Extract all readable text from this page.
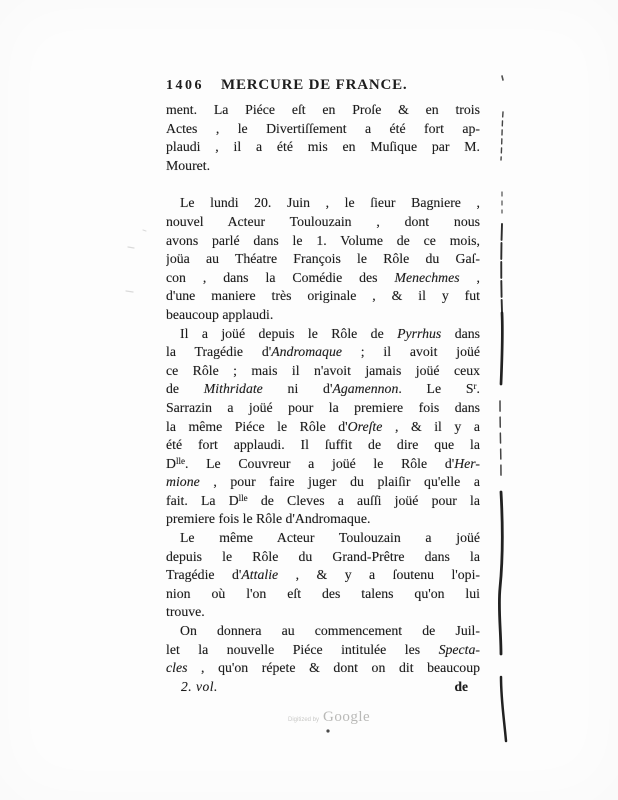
1406 MERCURE DE FRANCE.
ment. La Piéce eſt en Proſe & en trois
Actes , le Divertiſſement a été fort ap-
plaudi , il a été mis en Muſique par M.
Mouret.
Le lundi 20. Juin , le ſieur Bagniere ,
nouvel Acteur Toulouzain , dont nous
avons parlé dans le 1. Volume de ce mois,
joüa au Théatre François le Rôle du Gaſ-
con , dans la Comédie des Menechmes ,
d'une maniere très originale , & il y fut
beaucoup applaudi.
Il a joüé depuis le Rôle de Pyrrhus dans
la Tragédie d'Andromaque ; il avoit joüé
ce Rôle ; mais il n'avoit jamais joüé ceux
de Mithridate ni d'Agamennon. Le $S^r$.
Sarrazin a joüé pour la premiere fois dans
la même Piéce le Rôle d'Oreſte , & il y a
été fort applaudi. Il ſuffit de dire que la
$D^{lle}$. Le Couvreur a joüé le Rôle d'Her-
mione , pour faire juger du plaiſir qu'elle a
fait. La $D^{lle}$ de Cleves a auſſi joüé pour la
premiere fois le Rôle d'Andromaque.
Le même Acteur Toulouzain a joüé
depuis le Rôle du Grand-Prêtre dans la
Tragédie d'Attalie , & y a ſoutenu l'opi-
nion où l'on eſt des talens qu'on lui
trouve.
On donnera au commencement de Juil-
let la nouvelle Piéce intitulée les Specta-
cles , qu'on répete & dont on dit beaucoup
2. vol.	de
Digitized by Google
